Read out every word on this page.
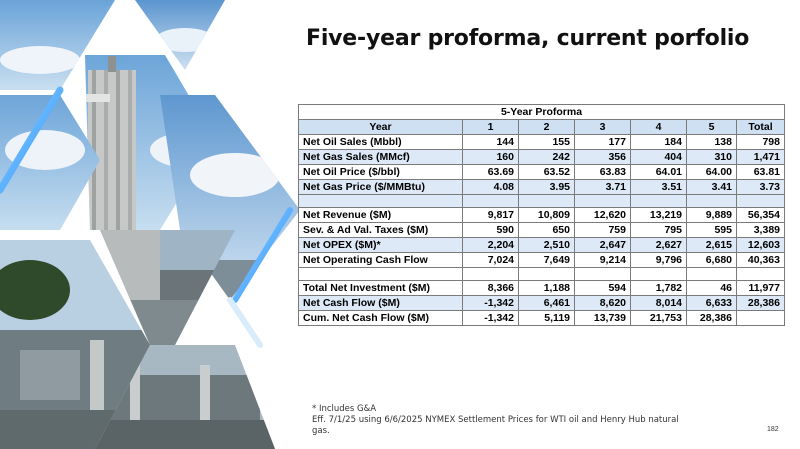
Five-year proforma, current porfolio
5-Year Proforma						
Year	1	2	3	4	5	Total
Net Oil Sales (Mbbl)	144	155	177	184	138	798
Net Gas Sales (MMcf)	160	242	356	404	310	1,471
Net Oil Price ($/bbl)	63.69	63.52	63.83	64.01	64.00	63.81
Net Gas Price ($/MMBtu)	4.08	3.95	3.71	3.51	3.41	3.73

Net Revenue ($M)	9,817	10,809	12,620	13,219	9,889	56,354
Sev. & Ad Val. Taxes ($M)	590	650	759	795	595	3,389
Net OPEX ($M)*	2,204	2,510	2,647	2,627	2,615	12,603
Net Operating Cash Flow	7,024	7,649	9,214	9,796	6,680	40,363

Total Net Investment ($M)	8,366	1,188	594	1,782	46	11,977
Net Cash Flow ($M)	-1,342	6,461	8,620	8,014	6,633	28,386
Cum. Net Cash Flow ($M)	-1,342	5,119	13,739	21,753	28,386	
* Includes G&A
Eff. 7/1/25 using 6/6/2025 NYMEX Settlement Prices for WTI oil and Henry Hub natural gas.	182
